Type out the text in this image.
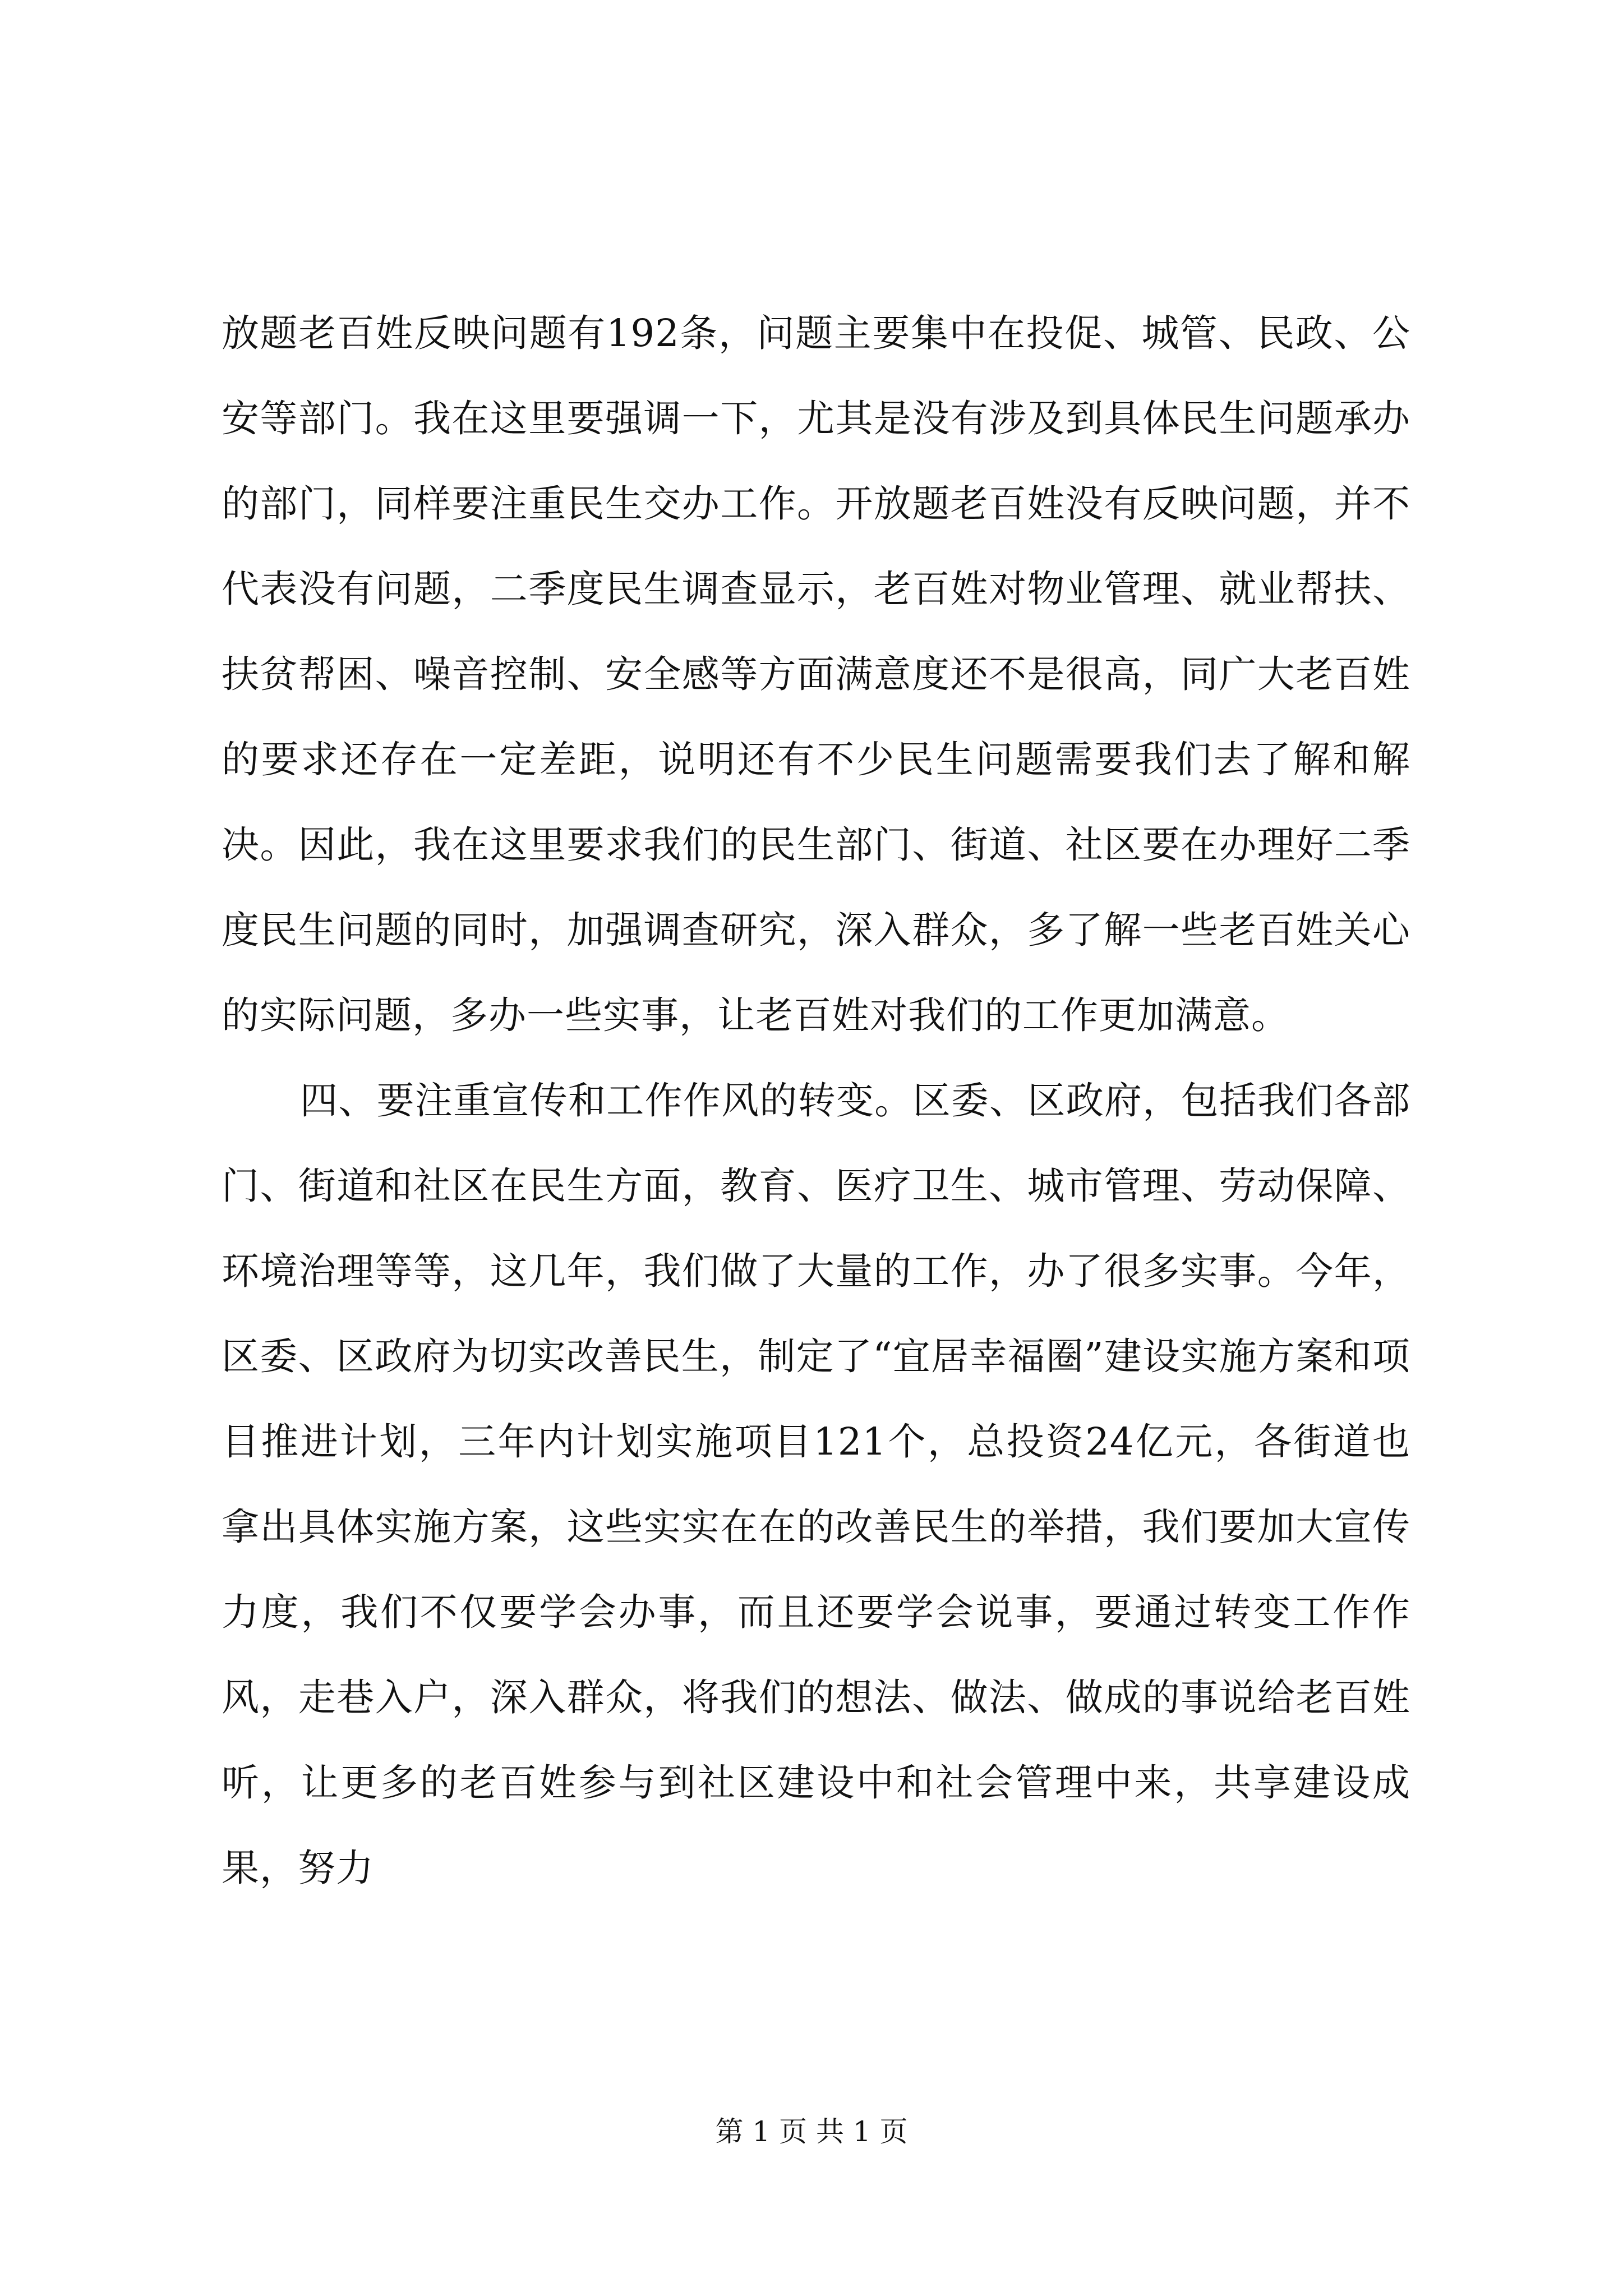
放题老百姓反映问题有192条，问题主要集中在投促、城管、民政、公安等部门。我在这里要强调一下，尤其是没有涉及到具体民生问题承办的部门，同样要注重民生交办工作。开放题老百姓没有反映问题，并不代表没有问题，二季度民生调查显示，老百姓对物业管理、就业帮扶、扶贫帮困、噪音控制、安全感等方面满意度还不是很高，同广大老百姓的要求还存在一定差距，说明还有不少民生问题需要我们去了解和解决。因此，我在这里要求我们的民生部门、街道、社区要在办理好二季度民生问题的同时，加强调查研究，深入群众，多了解一些老百姓关心的实际问题，多办一些实事，让老百姓对我们的工作更加满意。

四、要注重宣传和工作作风的转变。区委、区政府，包括我们各部门、街道和社区在民生方面，教育、医疗卫生、城市管理、劳动保障、环境治理等等，这几年，我们做了大量的工作，办了很多实事。今年，区委、区政府为切实改善民生，制定了“宜居幸福圈”建设实施方案和项目推进计划，三年内计划实施项目121个，总投资24亿元，各街道也拿出具体实施方案，这些实实在在的改善民生的举措，我们要加大宣传力度，我们不仅要学会办事，而且还要学会说事，要通过转变工作作风，走巷入户，深入群众，将我们的想法、做法、做成的事说给老百姓听，让更多的老百姓参与到社区建设中和社会管理中来，共享建设成果，努力

第 1 页 共 1 页
